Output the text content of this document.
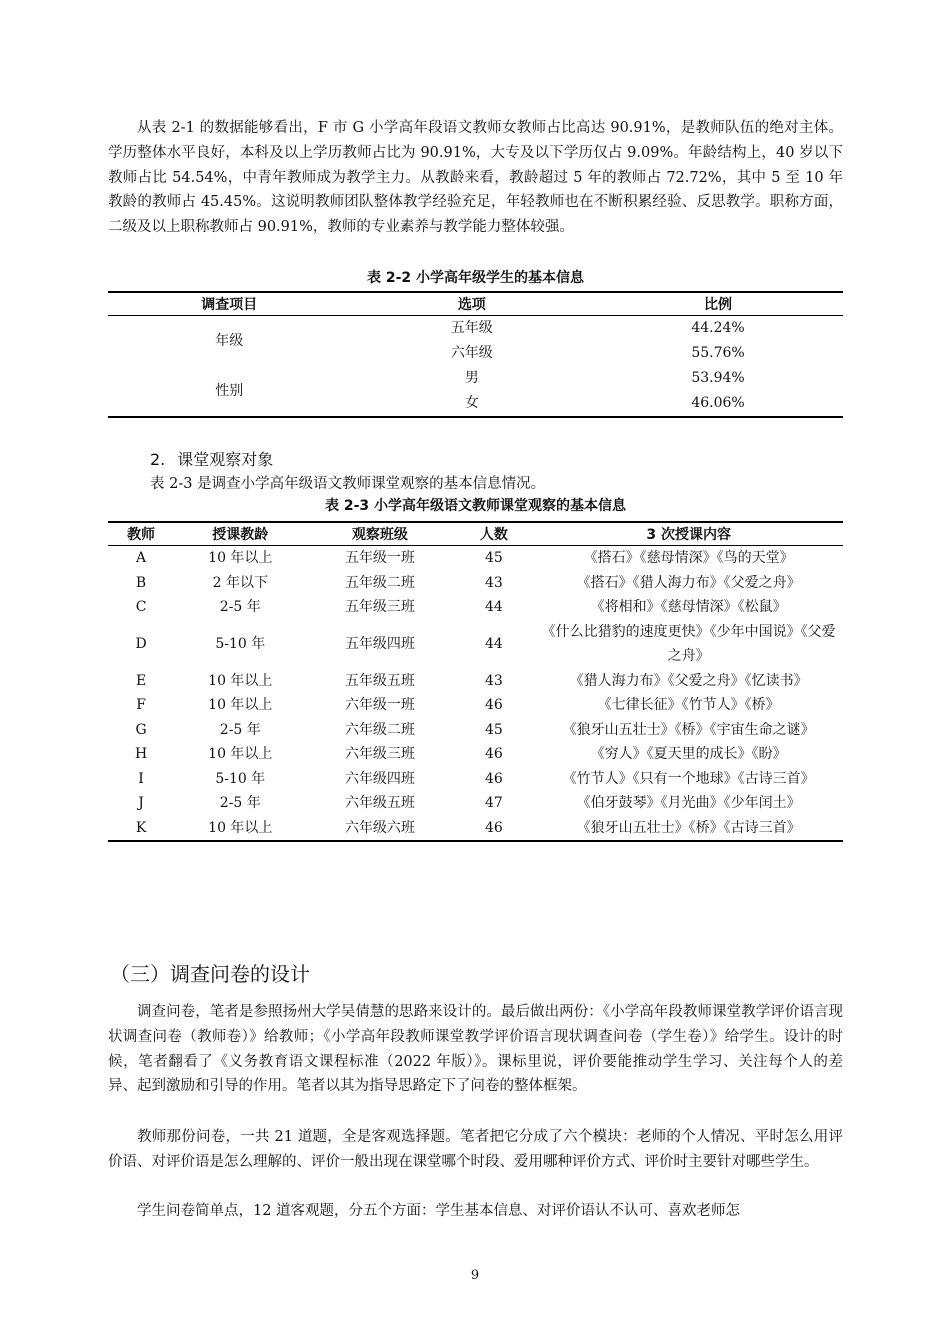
从表 2-1 的数据能够看出，F 市 G 小学高年段语文教师女教师占比高达 90.91%，是教师队伍的绝对主体。学历整体水平良好，本科及以上学历教师占比为 90.91%，大专及以下学历仅占 9.09%。年龄结构上，40 岁以下教师占比 54.54%，中青年教师成为教学主力。从教龄来看，教龄超过 5 年的教师占 72.72%，其中 5 至 10 年教龄的教师占 45.45%。这说明教师团队整体教学经验充足，年轻教师也在不断积累经验、反思教学。职称方面，二级及以上职称教师占 90.91%，教师的专业素养与教学能力整体较强。

表 2-2 小学高年级学生的基本信息
调查项目	选项	比例
年级	五年级	44.24%
	六年级	55.76%
性别	男	53.94%
	女	46.06%
2. 课堂观察对象
表 2-3 是调查小学高年级语文教师课堂观察的基本信息情况。
表 2-3 小学高年级语文教师课堂观察的基本信息
教师	授课教龄	观察班级	人数	3 次授课内容
A	10 年以上	五年级一班	45	《搭石》《慈母情深》《鸟的天堂》
B	2 年以下	五年级二班	43	《搭石》《猎人海力布》《父爱之舟》
C	2-5 年	五年级三班	44	《将相和》《慈母情深》《松鼠》
D	5-10 年	五年级四班	44	《什么比猎豹的速度更快》《少年中国说》《父爱之舟》
E	10 年以上	五年级五班	43	《猎人海力布》《父爱之舟》《忆读书》
F	10 年以上	六年级一班	46	《七律长征》《竹节人》《桥》
G	2-5 年	六年级二班	45	《狼牙山五壮士》《桥》《宇宙生命之谜》
H	10 年以上	六年级三班	46	《穷人》《夏天里的成长》《盼》
I	5-10 年	六年级四班	46	《竹节人》《只有一个地球》《古诗三首》
J	2-5 年	六年级五班	47	《伯牙鼓琴》《月光曲》《少年闰土》
K	10 年以上	六年级六班	46	《狼牙山五壮士》《桥》《古诗三首》
（三）调查问卷的设计

调查问卷，笔者是参照扬州大学吴倩慧的思路来设计的。最后做出两份：《小学高年段教师课堂教学评价语言现状调查问卷（教师卷）》给教师；《小学高年段教师课堂教学评价语言现状调查问卷（学生卷）》给学生。设计的时候，笔者翻看了《义务教育语文课程标准（2022 年版）》。课标里说，评价要能推动学生学习、关注每个人的差异、起到激励和引导的作用。笔者以其为指导思路定下了问卷的整体框架。

教师那份问卷，一共 21 道题，全是客观选择题。笔者把它分成了六个模块：老师的个人情况、平时怎么用评价语、对评价语是怎么理解的、评价一般出现在课堂哪个时段、爱用哪种评价方式、评价时主要针对哪些学生。

学生问卷简单点，12 道客观题，分五个方面：学生基本信息、对评价语认不认可、喜欢老师怎

9
